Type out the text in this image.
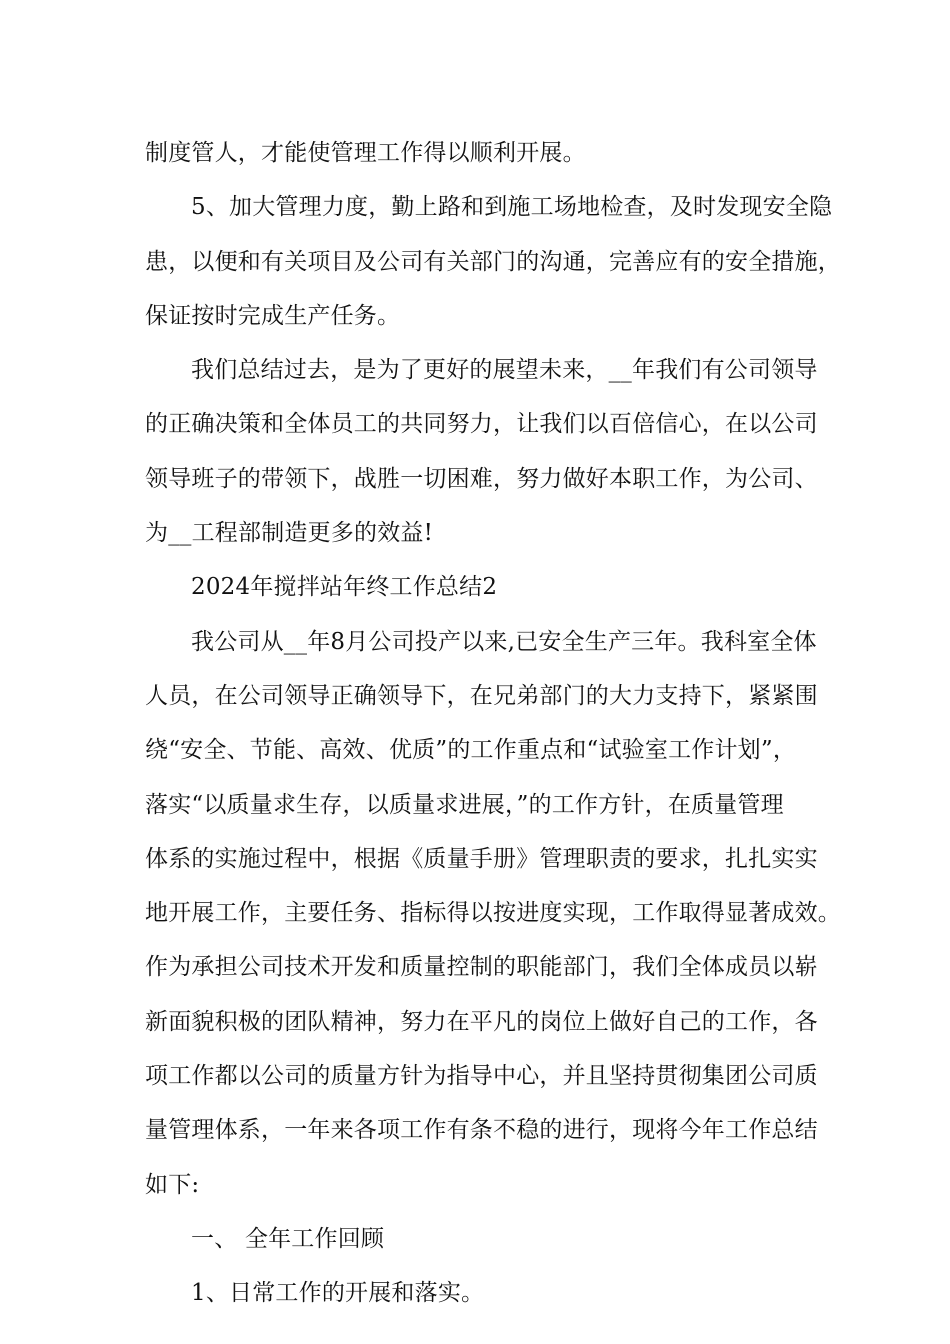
制度管人，才能使管理工作得以顺利开展。
5、加大管理力度，勤上路和到施工场地检查，及时发现安全隐
患，以便和有关项目及公司有关部门的沟通，完善应有的安全措施，
保证按时完成生产任务。
我们总结过去，是为了更好的展望未来，__年我们有公司领导
的正确决策和全体员工的共同努力，让我们以百倍信心，在以公司
领导班子的带领下，战胜一切困难，努力做好本职工作，为公司、
为__工程部制造更多的效益!
2024年搅拌站年终工作总结2
我公司从__年8月公司投产以来,已安全生产三年。我科室全体
人员，在公司领导正确领导下，在兄弟部门的大力支持下，紧紧围
绕“安全、节能、高效、优质”的工作重点和“试验室工作计划”，
落实“以质量求生存，以质量求进展，”的工作方针，在质量管理
体系的实施过程中，根据《质量手册》管理职责的要求，扎扎实实
地开展工作，主要任务、指标得以按进度实现，工作取得显著成效。
作为承担公司技术开发和质量控制的职能部门，我们全体成员以崭
新面貌积极的团队精神，努力在平凡的岗位上做好自己的工作，各
项工作都以公司的质量方针为指导中心，并且坚持贯彻集团公司质
量管理体系，一年来各项工作有条不稳的进行，现将今年工作总结
如下:
一、 全年工作回顾
1、日常工作的开展和落实。
